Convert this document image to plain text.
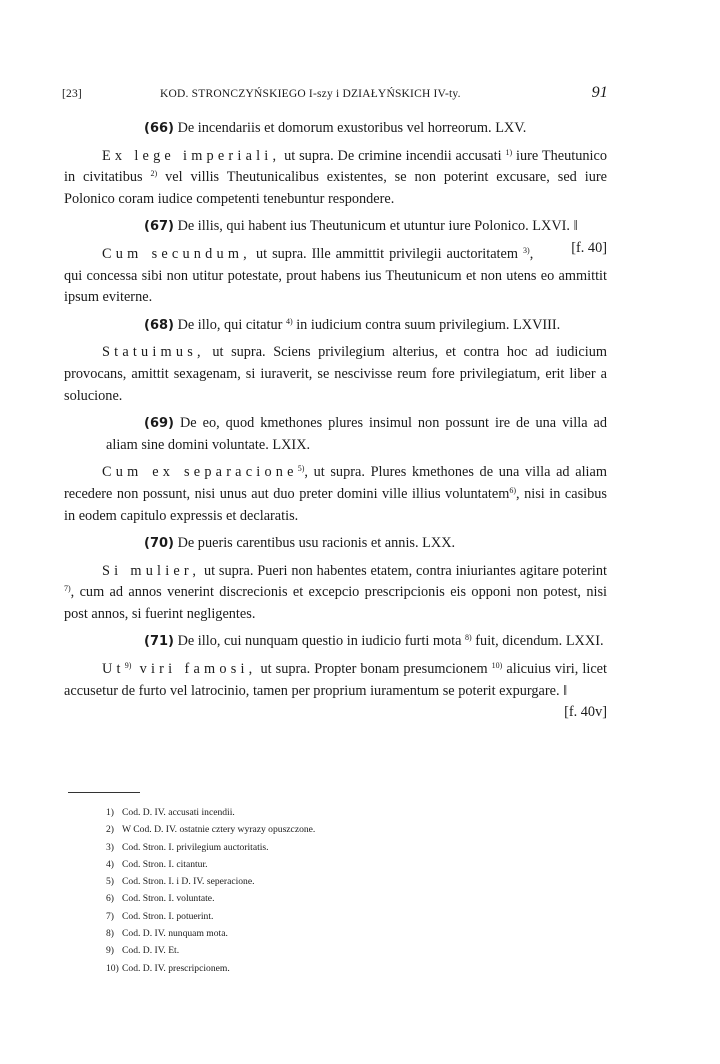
[23]	KOD. STRONCZYŃSKIEGO I-szy i DZIAŁYŃSKICH IV-ty.	91

(66) De incendariis et domorum exustoribus vel horreorum. LXV.

Ex lege imperiali, ut supra. De crimine incendii accusati $^{1)}$ iure Theutunico in civitatibus $^{2)}$ vel villis Theutunicalibus existentes, se non poterint excusare, sed iure Polonico coram iudice competenti tenebuntur respondere.

(67) De illis, qui habent ius Theutunicum et utuntur iure Polonico. LXVI. ‖
[f. 40]

Cum secundum, ut supra. Ille ammittit privilegii auctoritatem $^{3)}$, qui concessa sibi non utitur potestate, prout habens ius Theutunicum et non utens eo ammittit ipsum eviterne.

(68) De illo, qui citatur $^{4)}$ in iudicium contra suum privilegium. LXVIII.

Statuimus, ut supra. Sciens privilegium alterius, et contra hoc ad iudicium provocans, amittit sexagenam, si iuraverit, se nescivisse reum fore privilegiatum, erit liber a solucione.

(69) De eo, quod kmethones plures insimul non possunt ire de una villa ad aliam sine domini voluntate. LXIX.

Cum ex separacione$^{5)}$, ut supra. Plures kmethones de una villa ad aliam recedere non possunt, nisi unus aut duo preter domini ville illius voluntatem$^{6)}$, nisi in casibus in eodem capitulo expressis et declaratis.

(70) De pueris carentibus usu racionis et annis. LXX.

Si mulier, ut supra. Pueri non habentes etatem, contra iniuriantes agitare poterint $^{7)}$, cum ad annos venerint discrecionis et excepcio prescripcionis eis opponi non potest, nisi post annos, si fuerint negligentes.

(71) De illo, cui nunquam questio in iudicio furti mota $^{8)}$ fuit, dicendum. LXXI.

Ut$^{9)}$ viri famosi, ut supra. Propter bonam presumcionem $^{10)}$ alicuius viri, licet accusetur de furto vel latrocinio, tamen per proprium iuramentum se poterit expurgare. ‖
[f. 40v]

1) Cod. D. IV. accusati incendii.
2) W Cod. D. IV. ostatnie cztery wyrazy opuszczone.
3) Cod. Stron. I. privilegium auctoritatis.
4) Cod. Stron. I. citantur.
5) Cod. Stron. I. i D. IV. seperacione.
6) Cod. Stron. I. voluntate.
7) Cod. Stron. I. potuerint.
8) Cod. D. IV. nunquam mota.
9) Cod. D. IV. Et.
10) Cod. D. IV. prescripcionem.
